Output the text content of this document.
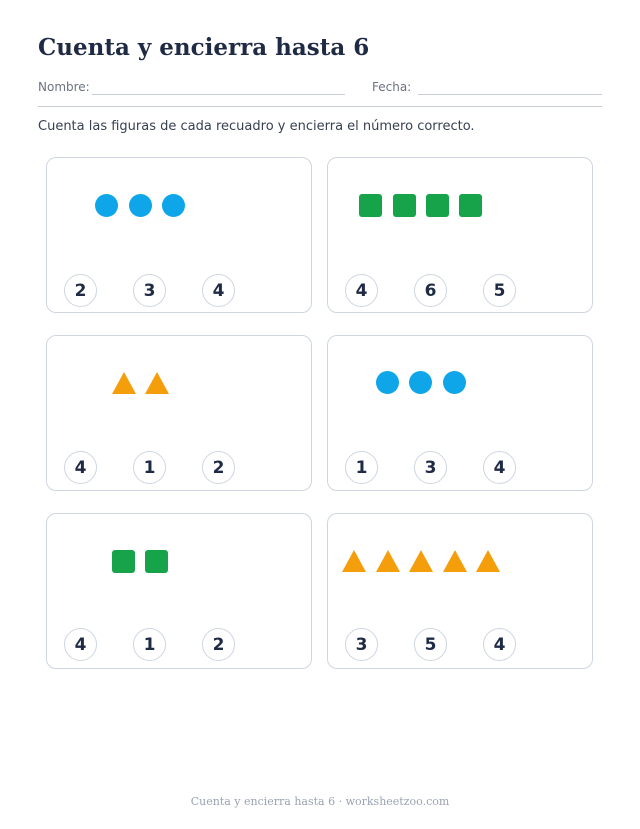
Cuenta y encierra hasta 6
Nombre:	Fecha:
Cuenta las figuras de cada recuadro y encierra el número correcto.
2	3	4	4	6	5
4	1	2	1	3	4
4	1	2	3	5	4
Cuenta y encierra hasta 6 · worksheetzoo.com
